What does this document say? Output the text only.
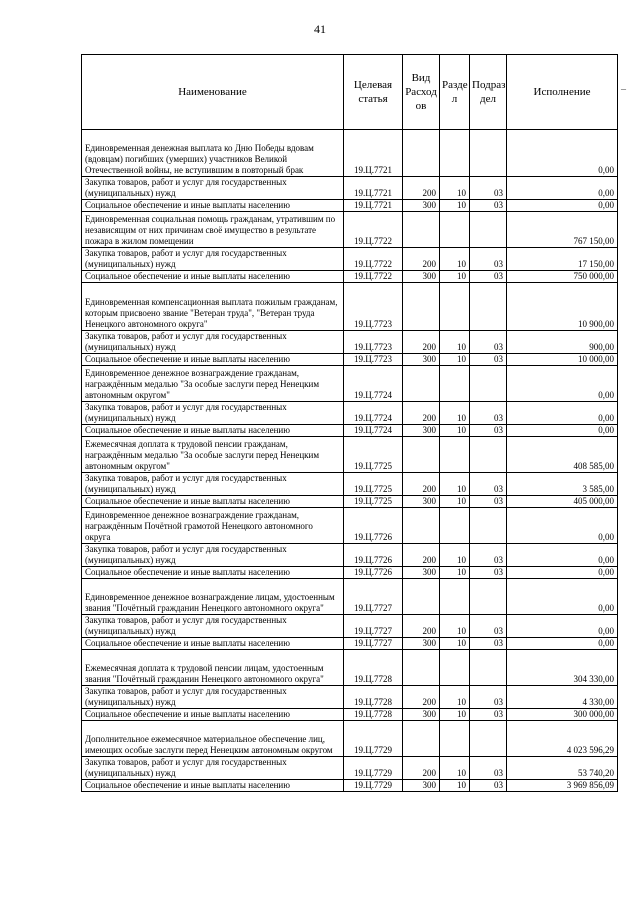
41
–
Наименование	Целевая статья	Вид Расход ов	Разде л	Подраз дел	Исполнение
Единовременная денежная выплата ко Дню Победы вдовам (вдовцам) погибших (умерших) участников Великой Отечественной войны, не вступившим в повторный брак	19.Ц.7721				0,00
Закупка товаров, работ и услуг для государственных (муниципальных) нужд	19.Ц.7721	200	10	03	0,00
Социальное обеспечение и иные выплаты населению	19.Ц.7721	300	10	03	0,00
Единовременная социальная помощь гражданам, утратившим по независящим от них причинам своё имущество в результате пожара в жилом помещении	19.Ц.7722				767 150,00
Закупка товаров, работ и услуг для государственных (муниципальных) нужд	19.Ц.7722	200	10	03	17 150,00
Социальное обеспечение и иные выплаты населению	19.Ц.7722	300	10	03	750 000,00
Единовременная компенсационная выплата пожилым гражданам, которым присвоено звание "Ветеран труда", "Ветеран труда Ненецкого автономного округа"	19.Ц.7723				10 900,00
Закупка товаров, работ и услуг для государственных (муниципальных) нужд	19.Ц.7723	200	10	03	900,00
Социальное обеспечение и иные выплаты населению	19.Ц.7723	300	10	03	10 000,00
Единовременное денежное вознаграждение гражданам, награждённым медалью "За особые заслуги перед Ненецким автономным округом"	19.Ц.7724				0,00
Закупка товаров, работ и услуг для государственных (муниципальных) нужд	19.Ц.7724	200	10	03	0,00
Социальное обеспечение и иные выплаты населению	19.Ц.7724	300	10	03	0,00
Ежемесячная доплата к трудовой пенсии гражданам, награждённым медалью "За особые заслуги перед Ненецким автономным округом"	19.Ц.7725				408 585,00
Закупка товаров, работ и услуг для государственных (муниципальных) нужд	19.Ц.7725	200	10	03	3 585,00
Социальное обеспечение и иные выплаты населению	19.Ц.7725	300	10	03	405 000,00
Единовременное денежное вознаграждение гражданам, награждённым Почётной грамотой Ненецкого автономного округа	19.Ц.7726				0,00
Закупка товаров, работ и услуг для государственных (муниципальных) нужд	19.Ц.7726	200	10	03	0,00
Социальное обеспечение и иные выплаты населению	19.Ц.7726	300	10	03	0,00
Единовременное денежное вознаграждение лицам, удостоенным звания "Почётный гражданин Ненецкого автономного округа"	19.Ц.7727				0,00
Закупка товаров, работ и услуг для государственных (муниципальных) нужд	19.Ц.7727	200	10	03	0,00
Социальное обеспечение и иные выплаты населению	19.Ц.7727	300	10	03	0,00
Ежемесячная доплата к трудовой пенсии лицам, удостоенным звания "Почётный гражданин Ненецкого автономного округа"	19.Ц.7728				304 330,00
Закупка товаров, работ и услуг для государственных (муниципальных) нужд	19.Ц.7728	200	10	03	4 330,00
Социальное обеспечение и иные выплаты населению	19.Ц.7728	300	10	03	300 000,00
Дополнительное ежемесячное материальное обеспечение лиц, имеющих особые заслуги перед Ненецким автономным округом	19.Ц.7729				4 023 596,29
Закупка товаров, работ и услуг для государственных (муниципальных) нужд	19.Ц.7729	200	10	03	53 740,20
Социальное обеспечение и иные выплаты населению	19.Ц.7729	300	10	03	3 969 856,09
